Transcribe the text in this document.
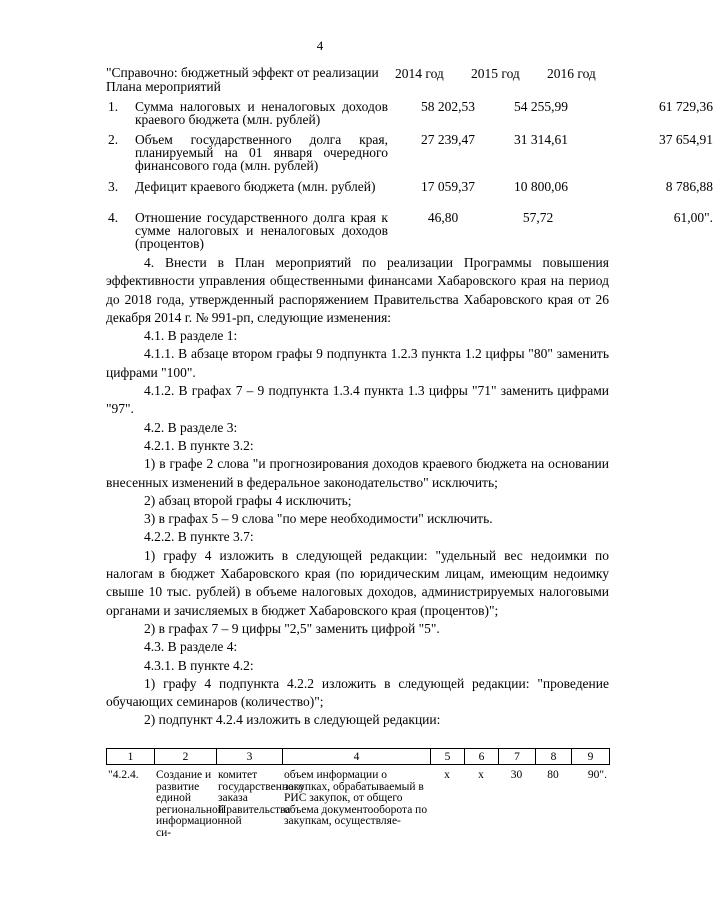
4
"Справочно: бюджетный эффект от реализации Плана мероприятий
2014 год 2015 год 2016 год
1. Сумма налоговых и неналоговых доходов краевого бюджета (млн. рублей)
58 202,53	54 255,99	61 729,36
2. Объем государственного долга края, планируемый на 01 января очередного финансового года (млн. рублей)
27 239,47	31 314,61	37 654,91
3. Дефицит краевого бюджета (млн. рублей)	17 059,37	10 800,06	8 786,88
4. Отношение государственного долга края к сумме налоговых и неналоговых доходов (процентов)
46,80	57,72	61,00".

4. Внести в План мероприятий по реализации Программы повышения эффективности управления общественными финансами Хабаровского края на период до 2018 года, утвержденный распоряжением Правительства Хабаровского края от 26 декабря 2014 г. № 991-рп, следующие изменения:

4.1. В разделе 1:

4.1.1. В абзаце втором графы 9 подпункта 1.2.3 пункта 1.2 цифры "80" заменить цифрами "100".

4.1.2. В графах 7 – 9 подпункта 1.3.4 пункта 1.3 цифры "71" заменить цифрами "97".

4.2. В разделе 3:

4.2.1. В пункте 3.2:

1) в графе 2 слова "и прогнозирования доходов краевого бюджета на основании внесенных изменений в федеральное законодательство" исключить;

2) абзац второй графы 4 исключить;

3) в графах 5 – 9 слова "по мере необходимости" исключить.

4.2.2. В пункте 3.7:

1) графу 4 изложить в следующей редакции: "удельный вес недоимки по налогам в бюджет Хабаровского края (по юридическим лицам, имеющим недоимку свыше 10 тыс. рублей) в объеме налоговых доходов, администрируемых налоговыми органами и зачисляемых в бюджет Хабаровского края (процентов)";

2) в графах 7 – 9 цифры "2,5" заменить цифрой "5".

4.3. В разделе 4:

4.3.1. В пункте 4.2:

1) графу 4 подпункта 4.2.2 изложить в следующей редакции: "проведение обучающих семинаров (количество)";

2) подпункт 4.2.4 изложить в следующей редакции:

1	2	3	4	5	6	7	8	9
"4.2.4.	Создание и развитие единой региональной информационной си-	комитет государственного заказа Правительства	объем информации о закупках, обрабатываемый в РИС закупок, от общего объема документооборота по закупкам, осуществляе-	х	х	30	80	90".
